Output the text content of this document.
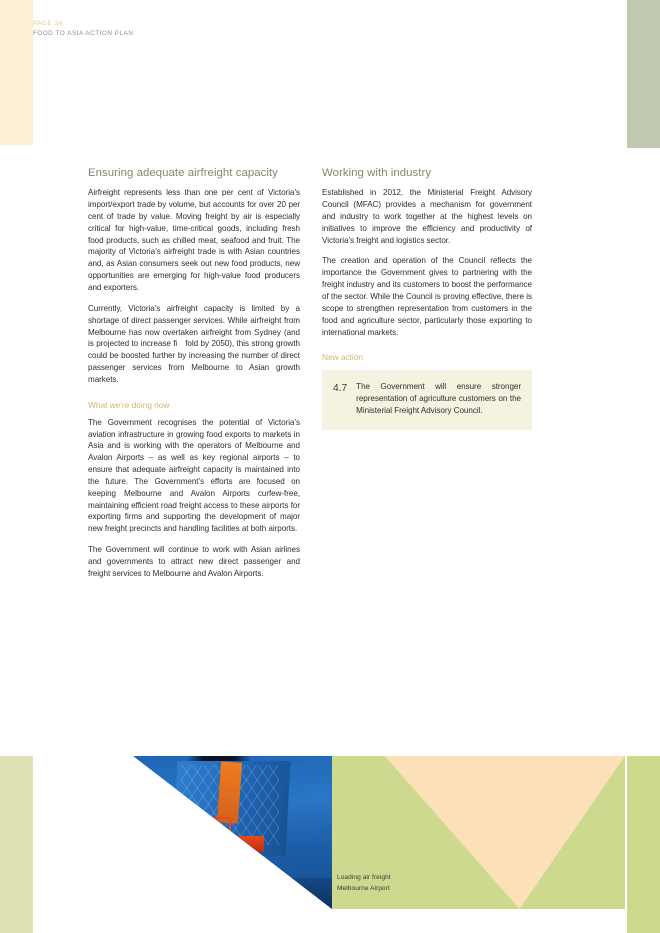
PAGE 34
FOOD TO ASIA ACTION PLAN
Ensuring adequate airfreight capacity

Airfreight represents less than one per cent of Victoria’s import/export trade by volume, but accounts for over 20 per cent of trade by value. Moving freight by air is especially critical for high-value, time-critical goods, including fresh food products, such as chilled meat, seafood and fruit. The majority of Victoria’s airfreight trade is with Asian countries and, as Asian consumers seek out new food products, new opportunities are emerging for high-value food producers and exporters.

Currently, Victoria’s airfreight capacity is limited by a shortage of direct passenger services. While airfreight from Melbourne has now overtaken airfreight from Sydney (and is projected to increase fi fold by 2050), this strong growth could be boosted further by increasing the number of direct passenger services from Melbourne to Asian growth markets.

What we’re doing now

The Government recognises the potential of Victoria’s aviation infrastructure in growing food exports to markets in Asia and is working with the operators of Melbourne and Avalon Airports – as well as key regional airports – to ensure that adequate airfreight capacity is maintained into the future. The Government’s efforts are focused on keeping Melbourne and Avalon Airports curfew-free, maintaining efficient road freight access to these airports for exporting firms and supporting the development of major new freight precincts and handling facilities at both airports.

The Government will continue to work with Asian airlines and governments to attract new direct passenger and freight services to Melbourne and Avalon Airports.

Working with industry

Established in 2012, the Ministerial Freight Advisory Council (MFAC) provides a mechanism for government and industry to work together at the highest levels on initiatives to improve the efficiency and productivity of Victoria’s freight and logistics sector.

The creation and operation of the Council reflects the importance the Government gives to partnering with the freight industry and its customers to boost the performance of the sector. While the Council is proving effective, there is scope to strengthen representation from customers in the food and agriculture sector, particularly those exporting to international markets.

New action
4.7 The Government will ensure stronger representation of agriculture customers on the Ministerial Freight Advisory Council.
Loading air freight
Melbourne Airport
